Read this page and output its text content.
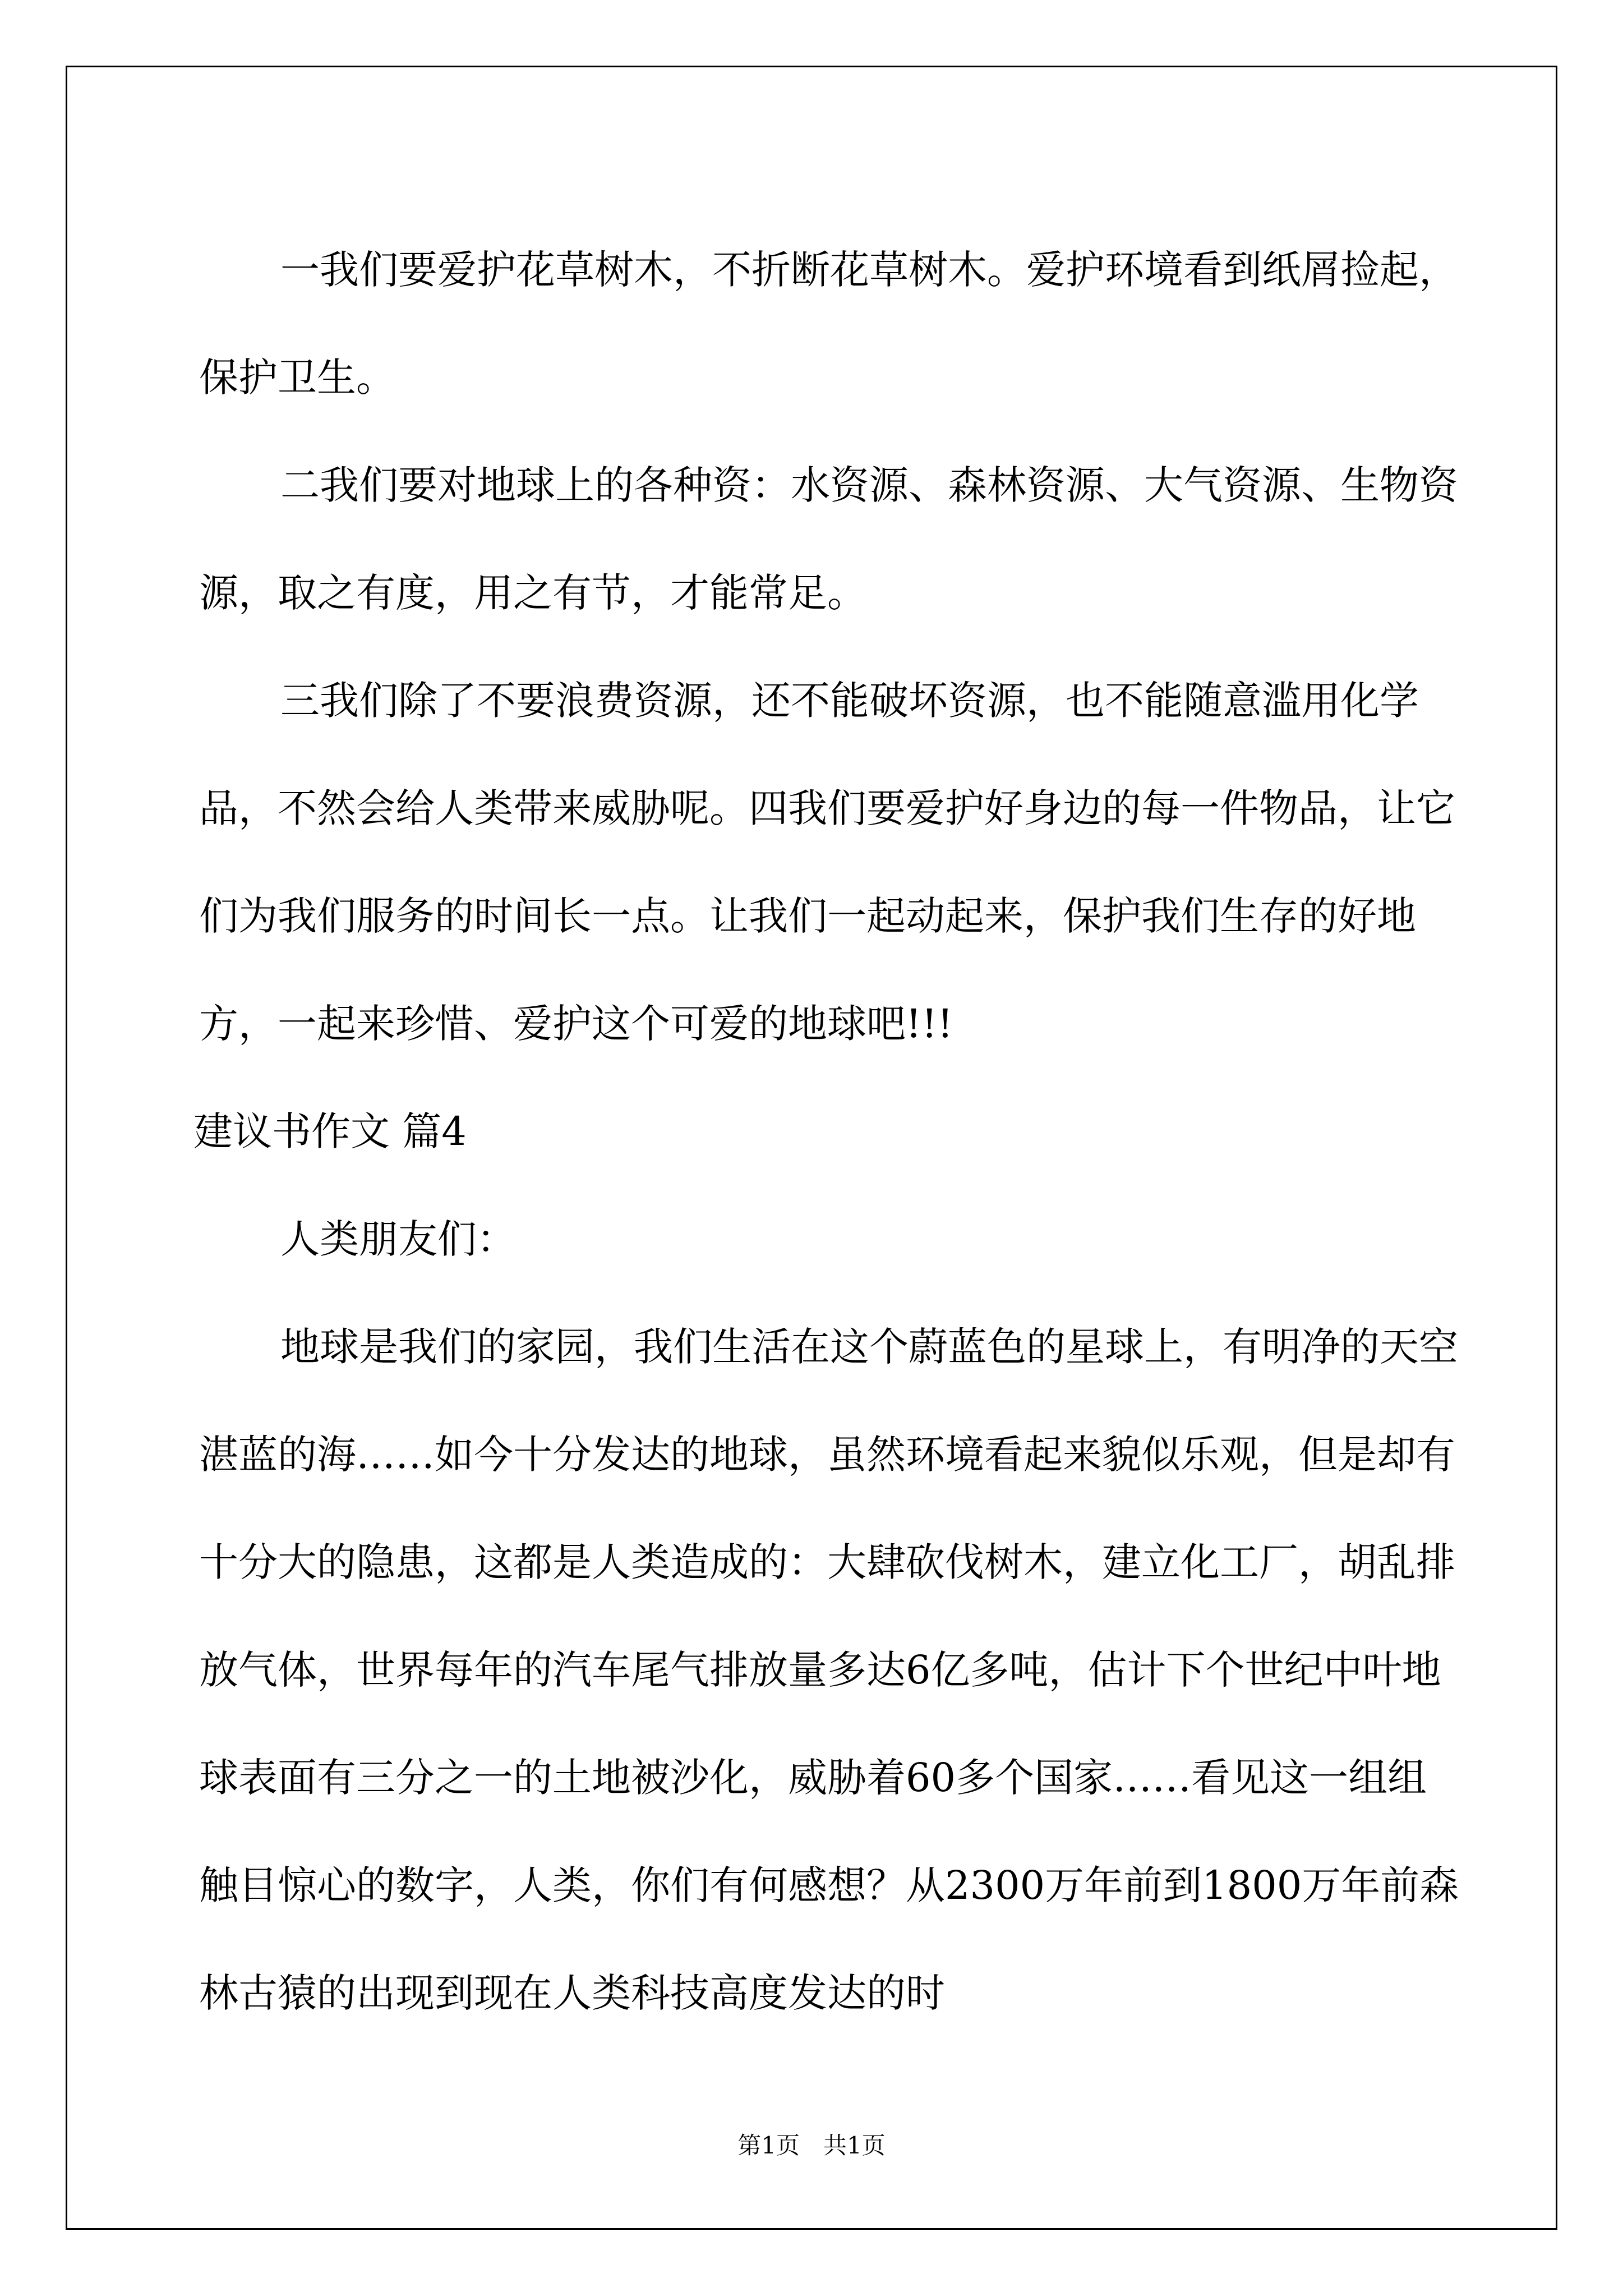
一我们要爱护花草树木，不折断花草树木。爱护环境看到纸屑捡起，保护卫生。

二我们要对地球上的各种资：水资源、森林资源、大气资源、生物资源，取之有度，用之有节，才能常足。

三我们除了不要浪费资源，还不能破坏资源，也不能随意滥用化学品，不然会给人类带来威胁呢。四我们要爱护好身边的每一件物品，让它们为我们服务的时间长一点。让我们一起动起来，保护我们生存的好地方，一起来珍惜、爱护这个可爱的地球吧!!!

建议书作文 篇4

人类朋友们：

地球是我们的家园，我们生活在这个蔚蓝色的星球上，有明净的天空湛蓝的海……如今十分发达的地球，虽然环境看起来貌似乐观，但是却有十分大的隐患，这都是人类造成的：大肆砍伐树木，建立化工厂，胡乱排放气体，世界每年的汽车尾气排放量多达6亿多吨，估计下个世纪中叶地球表面有三分之一的土地被沙化，威胁着60多个国家……看见这一组组触目惊心的数字，人类，你们有何感想？从2300万年前到1800万年前森林古猿的出现到现在人类科技高度发达的时

第1页　共1页
